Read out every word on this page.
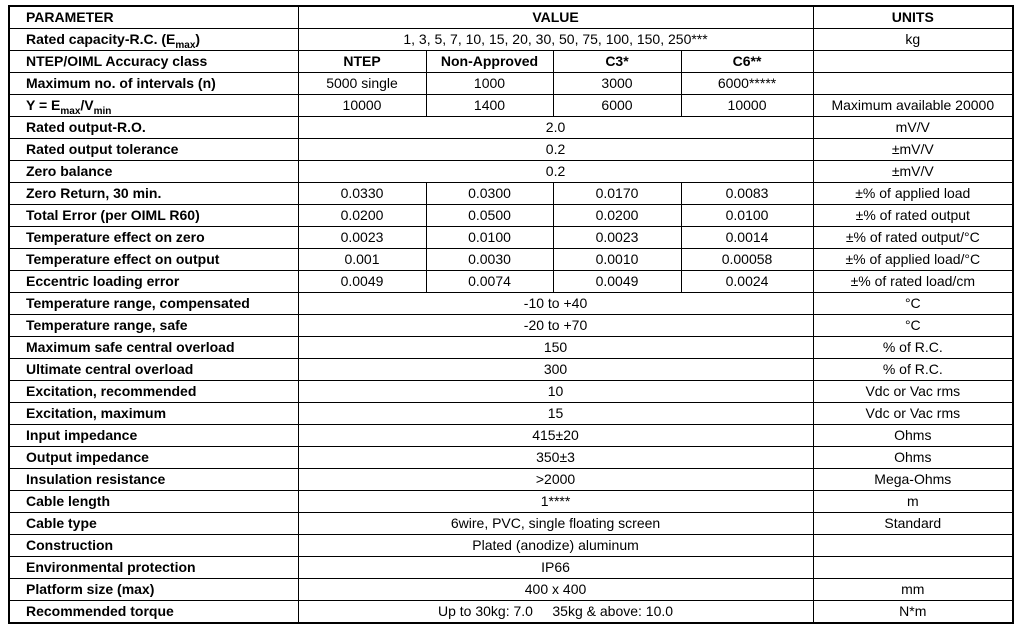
PARAMETER	VALUE				UNITS
Rated capacity-R.C. $(E_{max})$	1, 3, 5, 7, 10, 15, 20, 30, 50, 75, 100, 150, 250***				kg
NTEP/OIML Accuracy class	NTEP	Non-Approved	C3*	C6**	
Maximum no. of intervals (n)	5000 single	1000	3000	6000*****	
$Y = E_{max}/V_{min}$	10000	1400	6000	10000	Maximum available 20000
Rated output-R.O.	2.0				mV/V
Rated output tolerance	0.2				±mV/V
Zero balance	0.2				±mV/V
Zero Return, 30 min.	0.0330	0.0300	0.0170	0.0083	±% of applied load
Total Error (per OIML R60)	0.0200	0.0500	0.0200	0.0100	±% of rated output
Temperature effect on zero	0.0023	0.0100	0.0023	0.0014	±% of rated output/°C
Temperature effect on output	0.001	0.0030	0.0010	0.00058	±% of applied load/°C
Eccentric loading error	0.0049	0.0074	0.0049	0.0024	±% of rated load/cm
Temperature range, compensated	-10 to +40				°C
Temperature range, safe	-20 to +70				°C
Maximum safe central overload	150				% of R.C.
Ultimate central overload	300				% of R.C.
Excitation, recommended	10				Vdc or Vac rms
Excitation, maximum	15				Vdc or Vac rms
Input impedance	415±20				Ohms
Output impedance	350±3				Ohms
Insulation resistance	>2000				Mega-Ohms
Cable length	1****				m
Cable type	6wire, PVC, single floating screen				Standard
Construction	Plated (anodize) aluminum				
Environmental protection	IP66				
Platform size (max)	400 x 400				mm
Recommended torque	Up to 30kg: 7.0     35kg & above: 10.0				N*m
